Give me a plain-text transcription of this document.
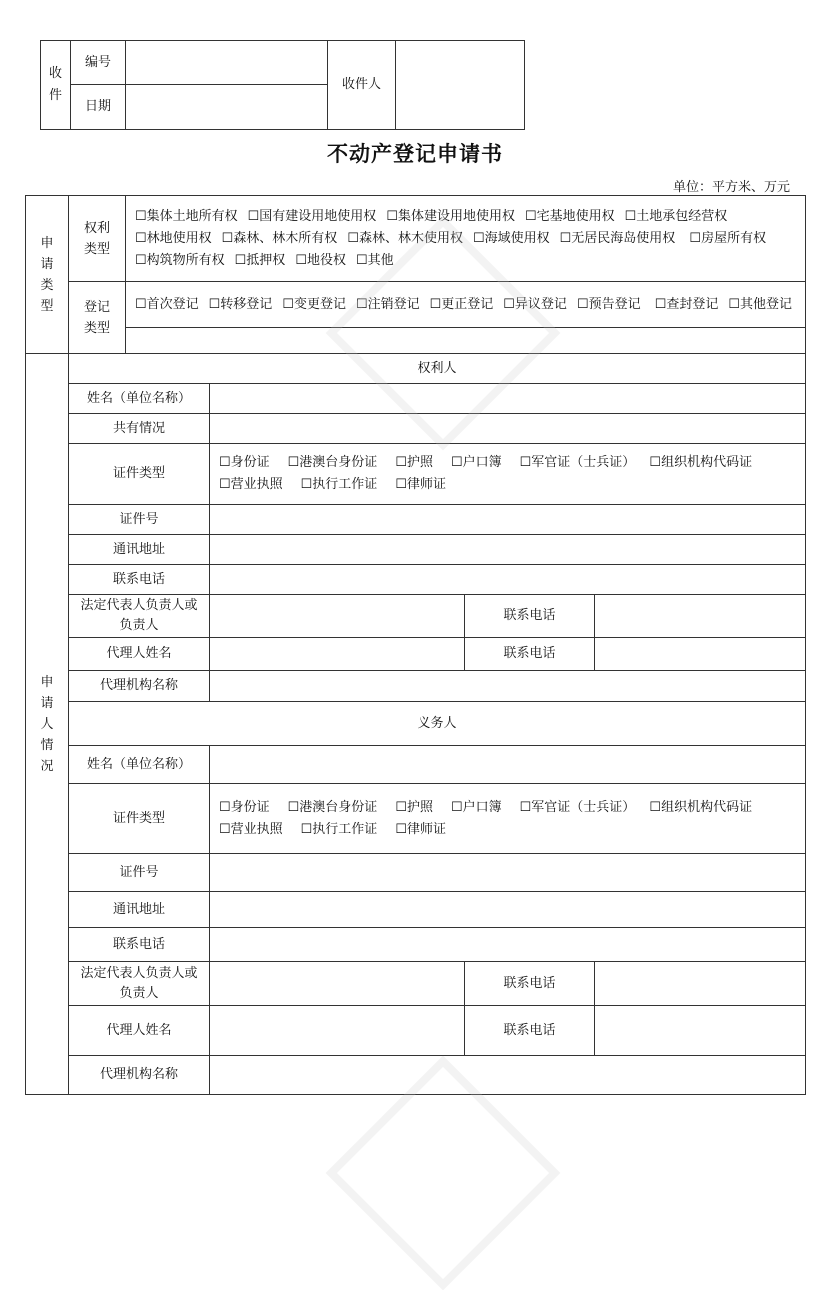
收件	编号		收件人	
	日期			
不动产登记申请书
单位：平方米、万元
申请类型	权利类型	☐集体土地所有权 ☐国有建设用地使用权 ☐集体建设用地使用权 ☐宅基地使用权 ☐土地承包经营权 ☐林地使用权 ☐森林、林木所有权 ☐森林、林木使用权 ☐海域使用权 ☐无居民海岛使用权 ☐房屋所有权☐构筑物所有权 ☐抵押权 ☐地役权 ☐其他			
	登记类型	☐首次登记 ☐转移登记 ☐变更登记 ☐注销登记 ☐更正登记 ☐异议登记 ☐预告登记 ☐查封登记 ☐其他登记			

申请人情况	权利人				
	姓名（单位名称）				
	共有情况				
	证件类型		☐身份证 ☐港澳台身份证 ☐护照 ☐户口簿 ☐军官证（士兵证） ☐组织机构代码证☐营业执照 ☐执行工作证 ☐律师证		
	证件号				
	通讯地址				
	联系电话				
	法定代表人负责人或负责人			联系电话	
	代理人姓名			联系电话	
	代理机构名称				
	义务人				
	姓名（单位名称）				
	证件类型		☐身份证 ☐港澳台身份证 ☐护照 ☐户口簿 ☐军官证（士兵证） ☐组织机构代码证☐营业执照 ☐执行工作证 ☐律师证		
	证件号				
	通讯地址				
	联系电话				
	法定代表人负责人或负责人			联系电话	
	代理人姓名			联系电话	
	代理机构名称				
